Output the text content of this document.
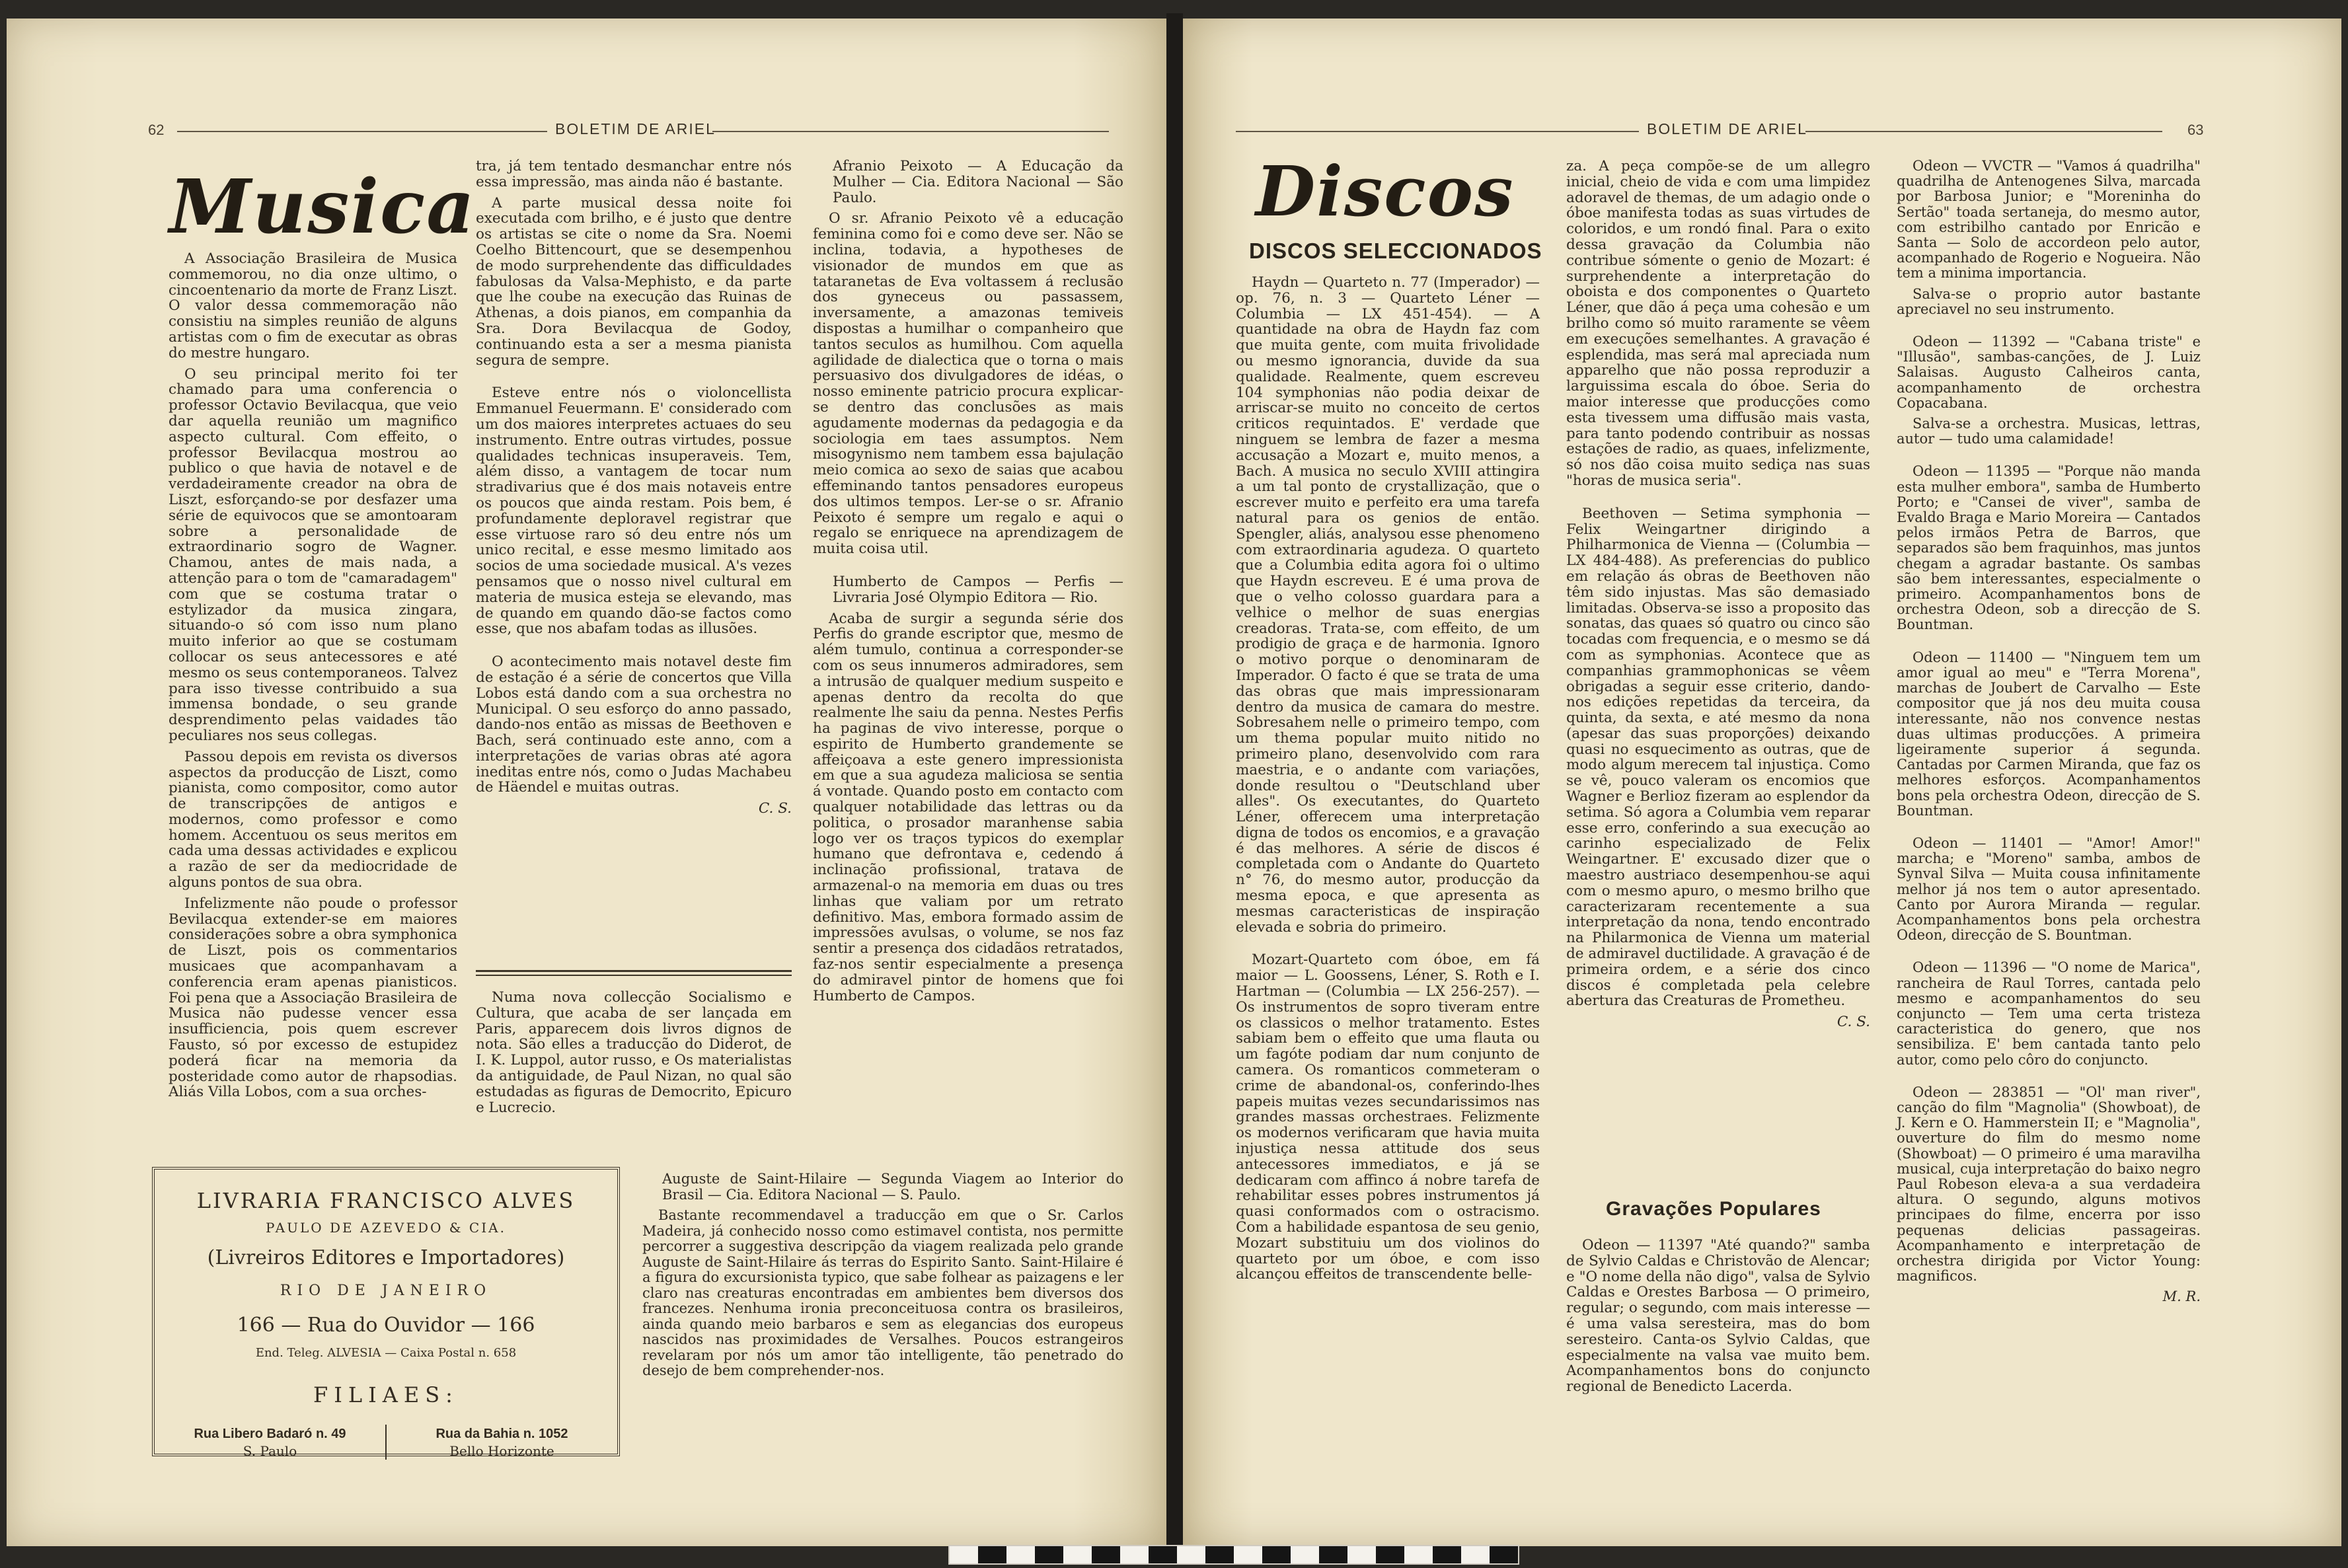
62	BOLETIM DE ARIEL
Musica

A Associação Brasileira de Musica commemorou, no dia onze ultimo, o cincoentenario da morte de Franz Liszt. O valor dessa commemoração não consistiu na simples reunião de alguns artistas com o fim de executar as obras do mestre hungaro.

O seu principal merito foi ter chamado para uma conferencia o professor Octavio Bevilacqua, que veio dar aquella reunião um magnifico aspecto cultural. Com effeito, o professor Bevilacqua mostrou ao publico o que havia de notavel e de verdadeiramente creador na obra de Liszt, esforçando-se por desfazer uma série de equivocos que se amontoaram sobre a personalidade de extraordinario sogro de Wagner. Chamou, antes de mais nada, a attenção para o tom de "camaradagem" com que se costuma tratar o estylizador da musica zingara, situando-o só com isso num plano muito inferior ao que se costumam collocar os seus antecessores e até mesmo os seus contemporaneos. Talvez para isso tivesse contribuido a sua immensa bondade, o seu grande desprendimento pelas vaidades tão peculiares nos seus collegas.

Passou depois em revista os diversos aspectos da producção de Liszt, como pianista, como compositor, como autor de transcripções de antigos e modernos, como professor e como homem. Accentuou os seus meritos em cada uma dessas actividades e explicou a razão de ser da mediocridade de alguns pontos de sua obra.

Infelizmente não poude o professor Bevilacqua extender-se em maiores considerações sobre a obra symphonica de Liszt, pois os commentarios musicaes que acompanhavam a conferencia eram apenas pianisticos. Foi pena que a Associação Brasileira de Musica não pudesse vencer essa insufficiencia, pois quem escrever Fausto, só por excesso de estupidez poderá ficar na memoria da posteridade como autor de rhapsodias. Aliás Villa Lobos, com a sua orches-

tra, já tem tentado desmanchar entre nós essa impressão, mas ainda não é bastante.

A parte musical dessa noite foi executada com brilho, e é justo que dentre os artistas se cite o nome da Sra. Noemi Coelho Bittencourt, que se desempenhou de modo surprehendente das difficuldades fabulosas da Valsa-Mephisto, e da parte que lhe coube na execução das Ruinas de Athenas, a dois pianos, em companhia da Sra. Dora Bevilacqua de Godoy, continuando esta a ser a mesma pianista segura de sempre.

Esteve entre nós o violoncellista Emmanuel Feuermann. E' consideradо com um dos maiores interpretes actuaes do seu instrumento. Entre outras virtudes, possue qualidades technicas insuperaveis. Tem, além disso, a vantagem de tocar num stradivarius que é dos mais notaveis entre os poucos que ainda restam. Pois bem, é profundamente deploravel registrar que esse virtuose raro só deu entre nós um unico recital, e esse mesmo limitado aos socios de uma sociedade musical. A's vezes pensamos que o nosso nivel cultural em materia de musica esteja se elevando, mas de quando em quando dão-se factos como esse, que nos abafam todas as illusões.

O acontecimento mais notavel deste fim de estação é a série de concertos que Villa Lobos está dando com a sua orchestra no Municipal. O seu esforço do anno passado, dando-nos então as missas de Beethoven e Bach, será continuado este anno, com a interpretações de varias obras até agora ineditas entre nós, como o Judas Machabeu de Häendel e muitas outras.

C. S.

Numa nova collecção Socialismo e Cultura, que acaba de ser lançada em Paris, apparecem dois livros dignos de nota. São elles a traducção do Diderot, de I. K. Luppol, autor russo, e Os materialistas da antiguidade, de Paul Nizan, no qual são estudadas as figuras de Democrito, Epicuro e Lucrecio.

Afranio Peixoto — A Educação da Mulher — Cia. Editora Nacional — São Paulo.

O sr. Afranio Peixoto vê a educação feminina como foi e como deve ser. Não se inclina, todavia, a hypotheses de visionador de mundos em que as tataranetas de Eva voltassem á reclusão dos gyneceus ou passassem, inversamente, a amazonas temiveis dispostas a humilhar o companheiro que tantos seculos as humilhou. Com aquella agilidade de dialectica que o torna o mais persuasivo dos divulgadores de idéas, o nosso eminente patricio procura explicar-se dentro das conclusões as mais agudamente modernas da pedagogia e da sociologia em taes assumptos. Nem misogynismo nem tambem essa bajulação meio comica ao sexo de saias que acabou effeminando tantos pensadores europeus dos ultimos tempos. Ler-se o sr. Afranio Peixoto é sempre um regalo e aqui o regalo se enriquece na aprendizagem de muita coisa util.

Humberto de Campos — Perfis — Livraria José Olympio Editora — Rio.

Acaba de surgir a segunda série dos Perfis do grande escriptor que, mesmo de além tumulo, continua a corresponder-se com os seus innumeros admiradores, sem a intrusão de qualquer medium suspeito e apenas dentro da recolta do que realmente lhe saiu da penna. Nestes Perfis ha paginas de vivo interesse, porque o espirito de Humberto grandemente se affeiçoava a este genero impressionista em que a sua agudeza maliciosa se sentia á vontade. Quando posto em contacto com qualquer notabilidade das lettras ou da politica, o prosador maranhense sabia logo ver os traços typicos do exemplar humano que defrontava e, cedendo á inclinação profissional, tratava de armazenal-o na memoria em duas ou tres linhas que valiam por um retrato definitivo. Mas, embora formado assim de impressões avulsas, o volume, se nos faz sentir a presença dos cidadãos retratados, faz-nos sentir especialmente a presença do admiravel pintor de homens que foi Humberto de Campos.

LIVRARIA FRANCISCO ALVES
PAULO DE AZEVEDO & CIA.
(Livreiros Editores e Importadores)
RIO DE JANEIRO
166 — Rua do Ouvidor — 166
End. Teleg. ALVESIA — Caixa Postal n. 658
FILIAES:
Rua Libero Badaró n. 49
S. Paulo
Rua da Bahia n. 1052
Bello Horizonte

Auguste de Saint-Hilaire — Segunda Viagem ao Interior do Brasil — Cia. Editora Nacional — S. Paulo.

Bastante recommendavel a traducção em que o Sr. Carlos Madeira, já conhecido nosso como estimavel contista, nos permitte percorrer a suggestiva descripção da viagem realizada pelo grande Auguste de Saint-Hilaire ás terras do Espirito Santo. Saint-Hilaire é a figura do excursionista typico, que sabe folhear as paizagens e ler claro nas creaturas encontradas em ambientes bem diversos dos francezes. Nenhuma ironia preconceituosa contra os brasileiros, ainda quando meio barbaros e sem as elegancias dos europeus nascidos nas proximidades de Versalhes. Poucos estrangeiros revelaram por nós um amor tão intelligente, tão penetrado do desejo de bem comprehender-nos.

BOLETIM DE ARIEL	63
Discos
DISCOS SELECCIONADOS

Haydn — Quarteto n. 77 (Imperador) — op. 76, n. 3 — Quarteto Léner — Columbia — LX 451-454). — A quantidade na obra de Haydn faz com que muita gente, com muita frivolidade ou mesmo ignorancia, duvide da sua qualidade. Realmente, quem escreveu 104 symphonias não podia deixar de arriscar-se muito no conceito de certos criticos requintados. E' verdade que ninguem se lembra de fazer a mesma accusação a Mozart e, muito menos, a Bach. A musica no seculo XVIII attingira a um tal ponto de crystallização, que o escrever muito e perfeito era uma tarefa natural para os genios de então. Spengler, aliás, analysou esse phenomeno com extraordinaria agudeza. O quarteto que a Columbia edita agora foi o ultimo que Haydn escreveu. E é uma prova de que o velho colosso guardara para a velhice o melhor de suas energias creadoras. Trata-se, com effeito, de um prodigio de graça e de harmonia. Ignoro o motivo porque o denominaram de Imperador. O facto é que se trata de uma das obras que mais impressionaram dentro da musica de camara do mestre. Sobresahem nelle o primeiro tempo, com um thema popular muito nitido no primeiro plano, desenvolvido com rara maestria, e o andante com variações, donde resultou o "Deutschland uber alles". Os executantes, do Quarteto Léner, offerecem uma interpretação digna de todos os encomios, e a gravação é das melhores. A série de discos é completada com o Andante do Quarteto n° 76, do mesmo autor, producção da mesma epoca, e que apresenta as mesmas caracteristicas de inspiração elevada e sobria do primeiro.

Mozart-Quarteto com óboe, em fá maior — L. Goossens, Léner, S. Roth e I. Hartman — (Columbia — LX 256-257). — Os instrumentos de sopro tiveram entre os classicos o melhor tratamento. Estes sabiam bem o effeito que uma flauta ou um fagóte podiam dar num conjunto de camera. Os romanticos commeteram o crime de abandonal-os, conferindo-lhes papeis muitas vezes secundarissimos nas grandes massas orchestraes. Felizmente os modernos verificaram que havia muita injustiça nessa attitude dos seus antecessores immediatos, e já se dedicaram com affinco á nobre tarefa de rehabilitar esses pobres instrumentos já quasi conformados com o ostracismo. Com a habilidade espantosa de seu genio, Mozart substituiu um dos violinos do quarteto por um óboe, e com isso alcançou effeitos de transcendente belle-

za. A peça compõe-se de um allegro inicial, cheio de vida e com uma limpidez adoravel de themas, de um adagio onde o óboe manifesta todas as suas virtudes de coloridos, e um rondó final. Para o exito dessa gravação da Columbia não contribue sómente o genio de Mozart: é surprehendente a interpretação do oboista e dos componentes o Quarteto Léner, que dão á peça uma cohesão e um brilho como só muito raramente se vêem em execuções semelhantes. A gravação é esplendida, mas será mal apreciada num apparelho que não possa reproduzir a larguissima escala do óboe. Seria do maior interesse que producções como esta tivessem uma diffusão mais vasta, para tanto podendo contribuir as nossas estações de radio, as quaes, infelizmente, só nos dão coisa muito sediça nas suas "horas de musica seria".

Beethoven — Setima symphonia — Felix Weingartner dirigindo a Philharmonica de Vienna — (Columbia — LX 484-488). As preferencias do publico em relação ás obras de Beethoven não têm sido injustas. Mas são demasiado limitadas. Observa-se isso a proposito das sonatas, das quaes só quatro ou cinco são tocadas com frequencia, e o mesmo se dá com as symphonias. Acontece que as companhias grammophonicas se vêem obrigadas a seguir esse criterio, dando-nos edições repetidas da terceira, da quinta, da sexta, e até mesmo da nona (apesar das suas proporções) deixando quasi no esquecimento as outras, que de modo algum merecem tal injustiça. Como se vê, pouco valeram os encomios que Wagner e Berlioz fizeram ao esplendor da setima. Só agora a Columbia vem reparar esse erro, conferindo a sua execução ao carinho especializado de Felix Weingartner. E' excusado dizer que o maestro austriaco desempenhou-se aqui com o mesmo apuro, o mesmo brilho que caracterizaram recentemente a sua interpretação da nona, tendo encontrado na Philarmonica de Vienna um material de admiravel ductilidade. A gravação é de primeira ordem, e a série dos cinco discos é completada pela celebre abertura das Creaturas de Prometheu.

C. S.
Gravações Populares

Odeon — 11397 "Até quando?" samba de Sylvio Caldas e Christovão de Alencar; e "O nome della não digo", valsa de Sylvio Caldas e Orestes Barbosa — O primeiro, regular; o segundo, com mais interesse — é uma valsa seresteira, mas do bom seresteiro. Canta-os Sylvio Caldas, que especialmente na valsa vae muito bem. Acompanhamentos bons do conjuncto regional de Benedicto Lacerda.

Odeon — VVCTR — "Vamos á quadrilha" quadrilha de Antenogenes Silva, marcada por Barbosa Junior; e "Moreninha do Sertão" toada sertaneja, do mesmo autor, com estribilho cantado por Enricão e Santa — Solo de accordeon pelo autor, acompanhado de Rogerio e Nogueira. Não tem a minima importancia.

Salva-se o proprio autor bastante apreciavel no seu instrumento.

Odeon — 11392 — "Cabana triste" e "Illusão", sambas-canções, de J. Luiz Salaisas. Augusto Calheiros canta, acompanhamento de orchestra Copacabana.

Salva-se a orchestra. Musicas, lettras, autor — tudo uma calamidade!

Odeon — 11395 — "Porque não manda esta mulher embora", samba de Humberto Porto; e "Cansei de viver", samba de Evaldo Braga e Mario Moreira — Cantados pelos irmãos Petra de Barros, que separados são bem fraquinhos, mas juntos chegam a agradar bastante. Os sambas são bem interessantes, especialmente o primeiro. Acompanhamentos bons de orchestra Odeon, sob a direcção de S. Bountman.

Odeon — 11400 — "Ninguem tem um amor igual ao meu" e "Terra Morena", marchas de Joubert de Carvalho — Este compositor que já nos deu muita cousa interessante, não nos convence nestas duas ultimas producções. A primeira ligeiramente superior á segunda. Cantadas por Carmen Miranda, que faz os melhores esforços. Acompanhamentos bons pela orchestra Odeon, direcção de S. Bountman.

Odeon — 11401 — "Amor! Amor!" marcha; e "Moreno" samba, ambos de Synval Silva — Muita cousa infinitamente melhor já nos tem o autor apresentado. Canto por Aurora Miranda — regular. Acompanhamentos bons pela orchestra Odeon, direcção de S. Bountman.

Odeon — 11396 — "O nome de Marica", rancheira de Raul Torres, cantada pelo mesmo e acompanhamentos do seu conjuncto — Tem uma certa tristeza caracteristica do genero, que nos sensibiliza. E' bem cantada tanto pelo autor, como pelo côro do conjuncto.

Odeon — 283851 — "Ol' man river", canção do film "Magnolia" (Showboat), de J. Kern e O. Hammerstein II; e "Magnolia", ouverture do film do mesmo nome (Showboat) — O primeiro é uma maravilha musical, cuja interpretação do baixo negro Paul Robeson eleva-a a sua verdadeira altura. O segundo, alguns motivos principaes do filme, encerra por isso pequenas delicias passageiras. Acompanhamento e interpretação de orchestra dirigida por Victor Young: magnificos.

M. R.
